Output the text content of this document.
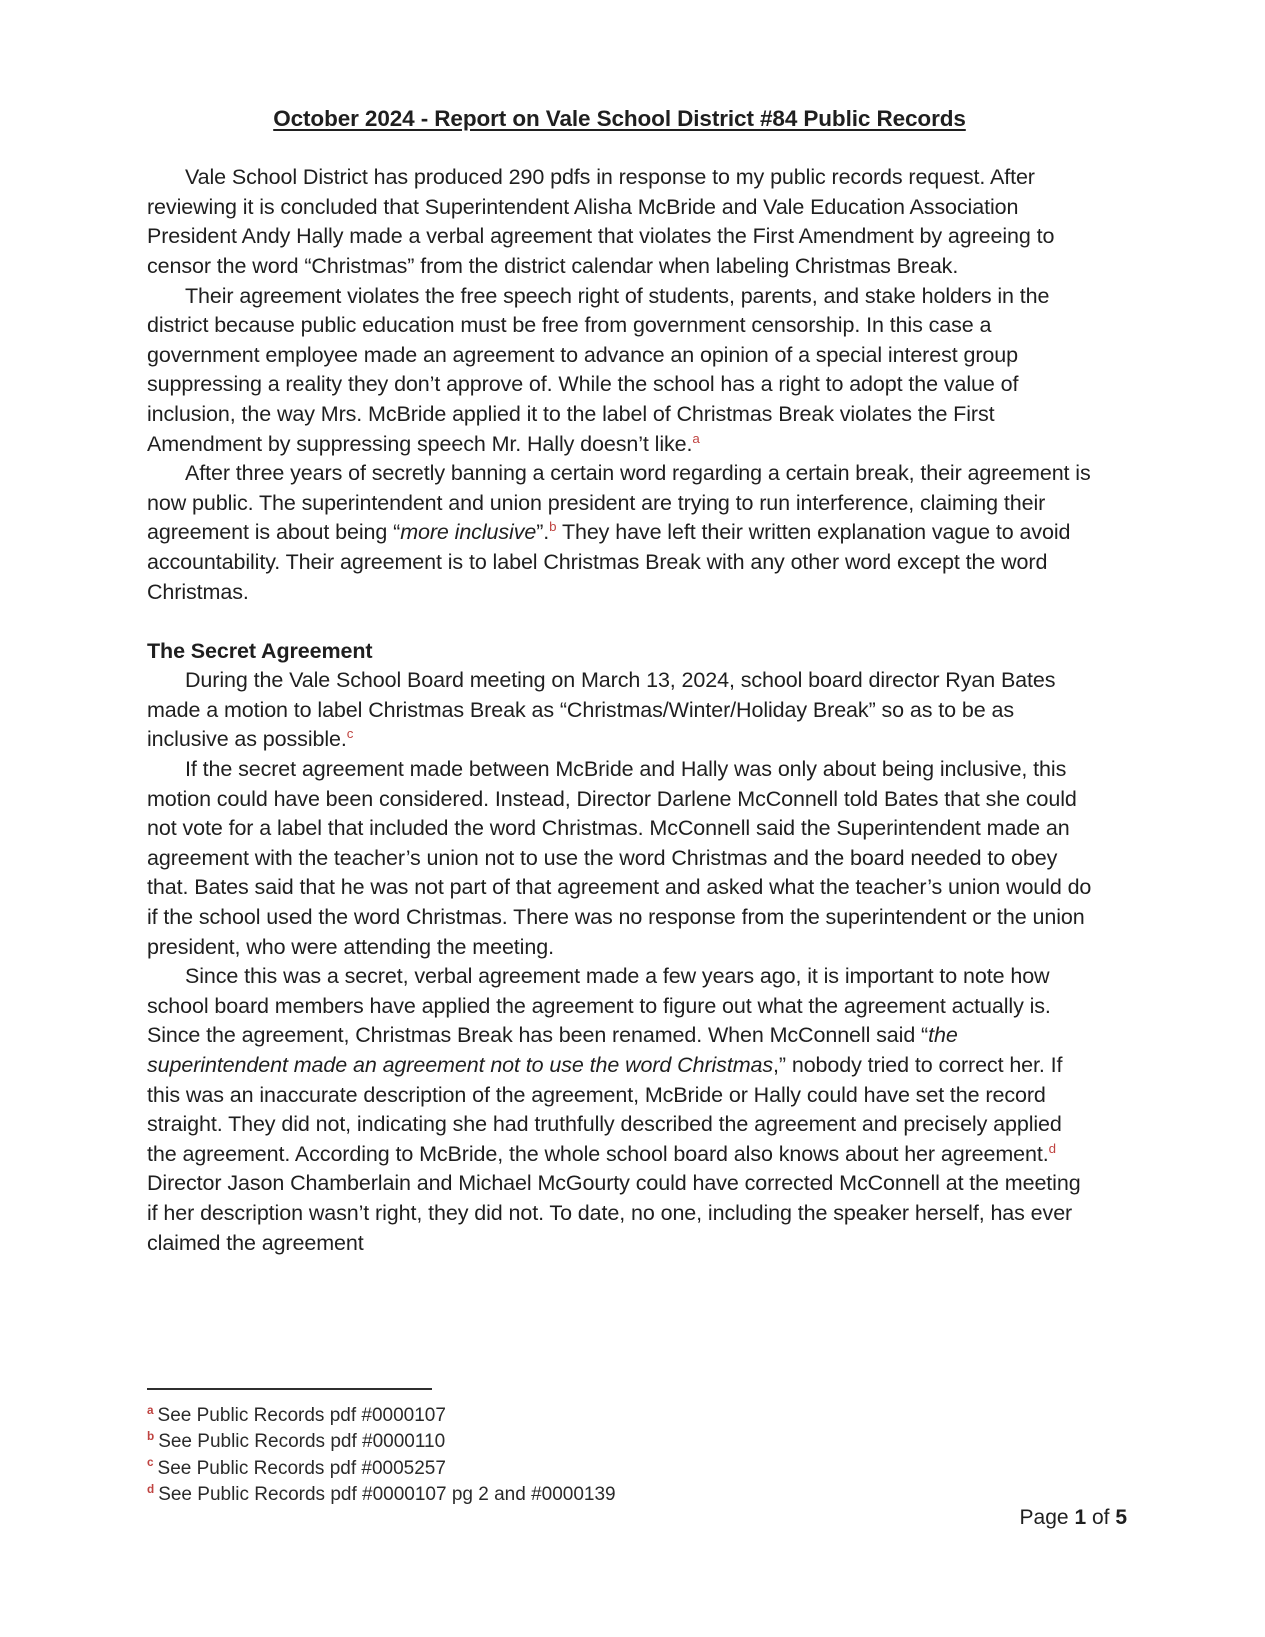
October 2024 - Report on Vale School District #84 Public Records

Vale School District has produced 290 pdfs in response to my public records request. After reviewing it is concluded that Superintendent Alisha McBride and Vale Education Association President Andy Hally made a verbal agreement that violates the First Amendment by agreeing to censor the word “Christmas” from the district calendar when labeling Christmas Break.

Their agreement violates the free speech right of students, parents, and stake holders in the district because public education must be free from government censorship. In this case a government employee made an agreement to advance an opinion of a special interest group suppressing a reality they don’t approve of. While the school has a right to adopt the value of inclusion, the way Mrs. McBride applied it to the label of Christmas Break violates the First Amendment by suppressing speech Mr. Hally doesn’t like.$^a$

After three years of secretly banning a certain word regarding a certain break, their agreement is now public. The superintendent and union president are trying to run interference, claiming their agreement is about being “more inclusive”.$^b$ They have left their written explanation vague to avoid accountability. Their agreement is to label Christmas Break with any other word except the word Christmas.

The Secret Agreement

During the Vale School Board meeting on March 13, 2024, school board director Ryan Bates made a motion to label Christmas Break as “Christmas/Winter/Holiday Break” so as to be as inclusive as possible.$^c$

If the secret agreement made between McBride and Hally was only about being inclusive, this motion could have been considered. Instead, Director Darlene McConnell told Bates that she could not vote for a label that included the word Christmas. McConnell said the Superintendent made an agreement with the teacher’s union not to use the word Christmas and the board needed to obey that. Bates said that he was not part of that agreement and asked what the teacher’s union would do if the school used the word Christmas. There was no response from the superintendent or the union president, who were attending the meeting.

Since this was a secret, verbal agreement made a few years ago, it is important to note how school board members have applied the agreement to figure out what the agreement actually is. Since the agreement, Christmas Break has been renamed. When McConnell said “the superintendent made an agreement not to use the word Christmas,” nobody tried to correct her. If this was an inaccurate description of the agreement, McBride or Hally could have set the record straight. They did not, indicating she had truthfully described the agreement and precisely applied the agreement. According to McBride, the whole school board also knows about her agreement.$^d$ Director Jason Chamberlain and Michael McGourty could have corrected McConnell at the meeting if her description wasn’t right, they did not. To date, no one, including the speaker herself, has ever claimed the agreement

$^a$ See Public Records pdf #0000107
$^b$ See Public Records pdf #0000110
$^c$ See Public Records pdf #0005257
$^d$ See Public Records pdf #0000107 pg 2 and #0000139
Page 1 of 5
